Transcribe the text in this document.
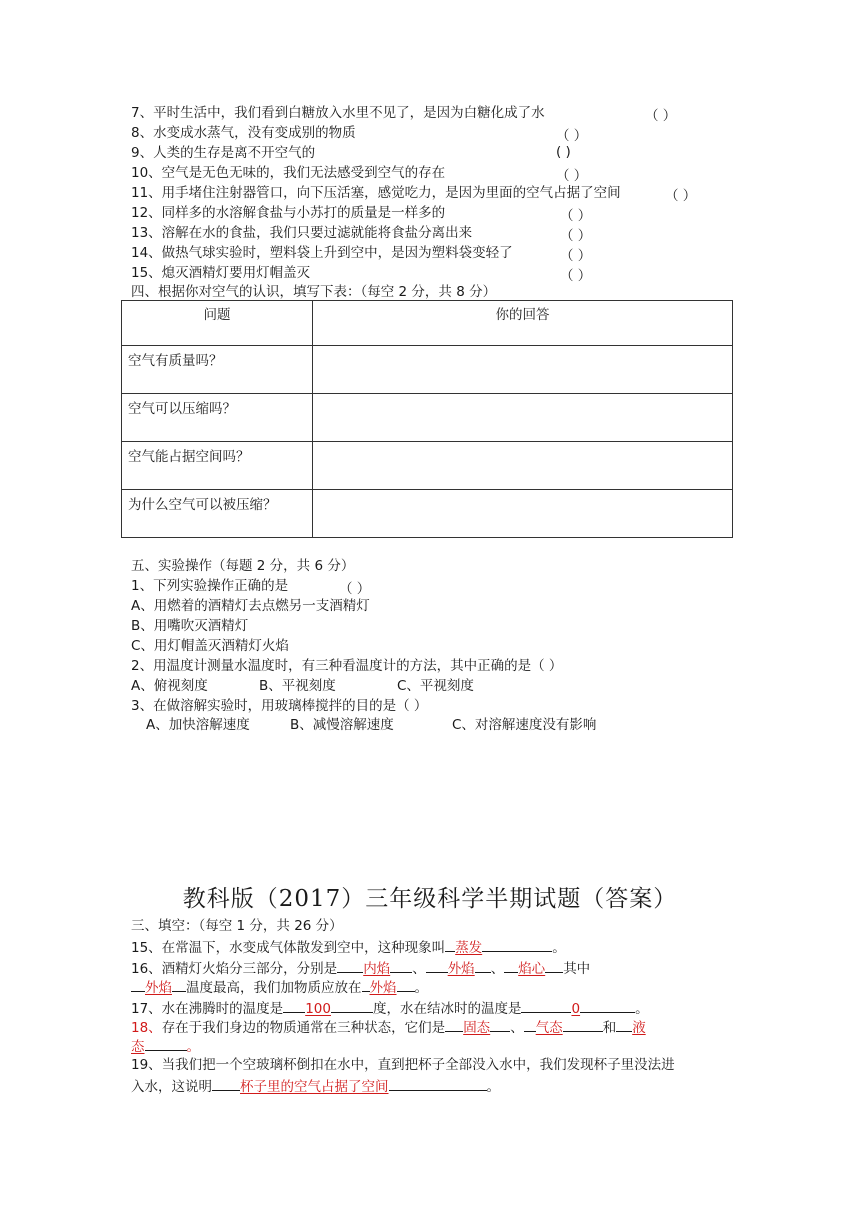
7、平时生活中，我们看到白糖放入水里不见了，是因为白糖化成了水	（ ）
8、水变成水蒸气，没有变成别的物质	（ ）
9、人类的生存是离不开空气的	( )
10、空气是无色无味的，我们无法感受到空气的存在	（ ）
11、用手堵住注射器管口，向下压活塞，感觉吃力，是因为里面的空气占据了空间	（ ）
12、同样多的水溶解食盐与小苏打的质量是一样多的	（ ）
13、溶解在水的食盐，我们只要过滤就能将食盐分离出来	（ ）
14、做热气球实验时，塑料袋上升到空中，是因为塑料袋变轻了	（ ）
15、熄灭酒精灯要用灯帽盖灭	（ ）
四、根据你对空气的认识，填写下表：（每空 2 分，共 8 分）
问题	你的回答
空气有质量吗？	
空气可以压缩吗？	
空气能占据空间吗？	
为什么空气可以被压缩？	
五、实验操作（每题 2 分，共 6 分）
1、下列实验操作正确的是	（ ）
A、用燃着的酒精灯去点燃另一支酒精灯
B、用嘴吹灭酒精灯
C、用灯帽盖灭酒精灯火焰
2、用温度计测量水温度时，有三种看温度计的方法，其中正确的是（ ）
A、俯视刻度	B、平视刻度	C、平视刻度
3、在做溶解实验时，用玻璃棒搅拌的目的是（ ）
A、加快溶解速度	B、减慢溶解速度	C、对溶解速度没有影响
教科版（2017）三年级科学半期试题（答案）
三、填空：（每空 1 分，共 26 分）
15、在常温下，水变成气体散发到空中，这种现象叫 蒸发	。
16、酒精灯火焰分三部分，分别是 内焰 、 外焰 、 焰心 其中
外焰 温度最高，我们加物质应放在 外焰 。
17、水在沸腾时的温度是 100	度，水在结冰时的温度是	0	。
18、存在于我们身边的物质通常在三种状态，它们是 固态 、 气态	和 液
态	。
19、当我们把一个空玻璃杯倒扣在水中，直到把杯子全部没入水中，我们发现杯子里没法进
入水，这说明 杯子里的空气占据了空间	。
